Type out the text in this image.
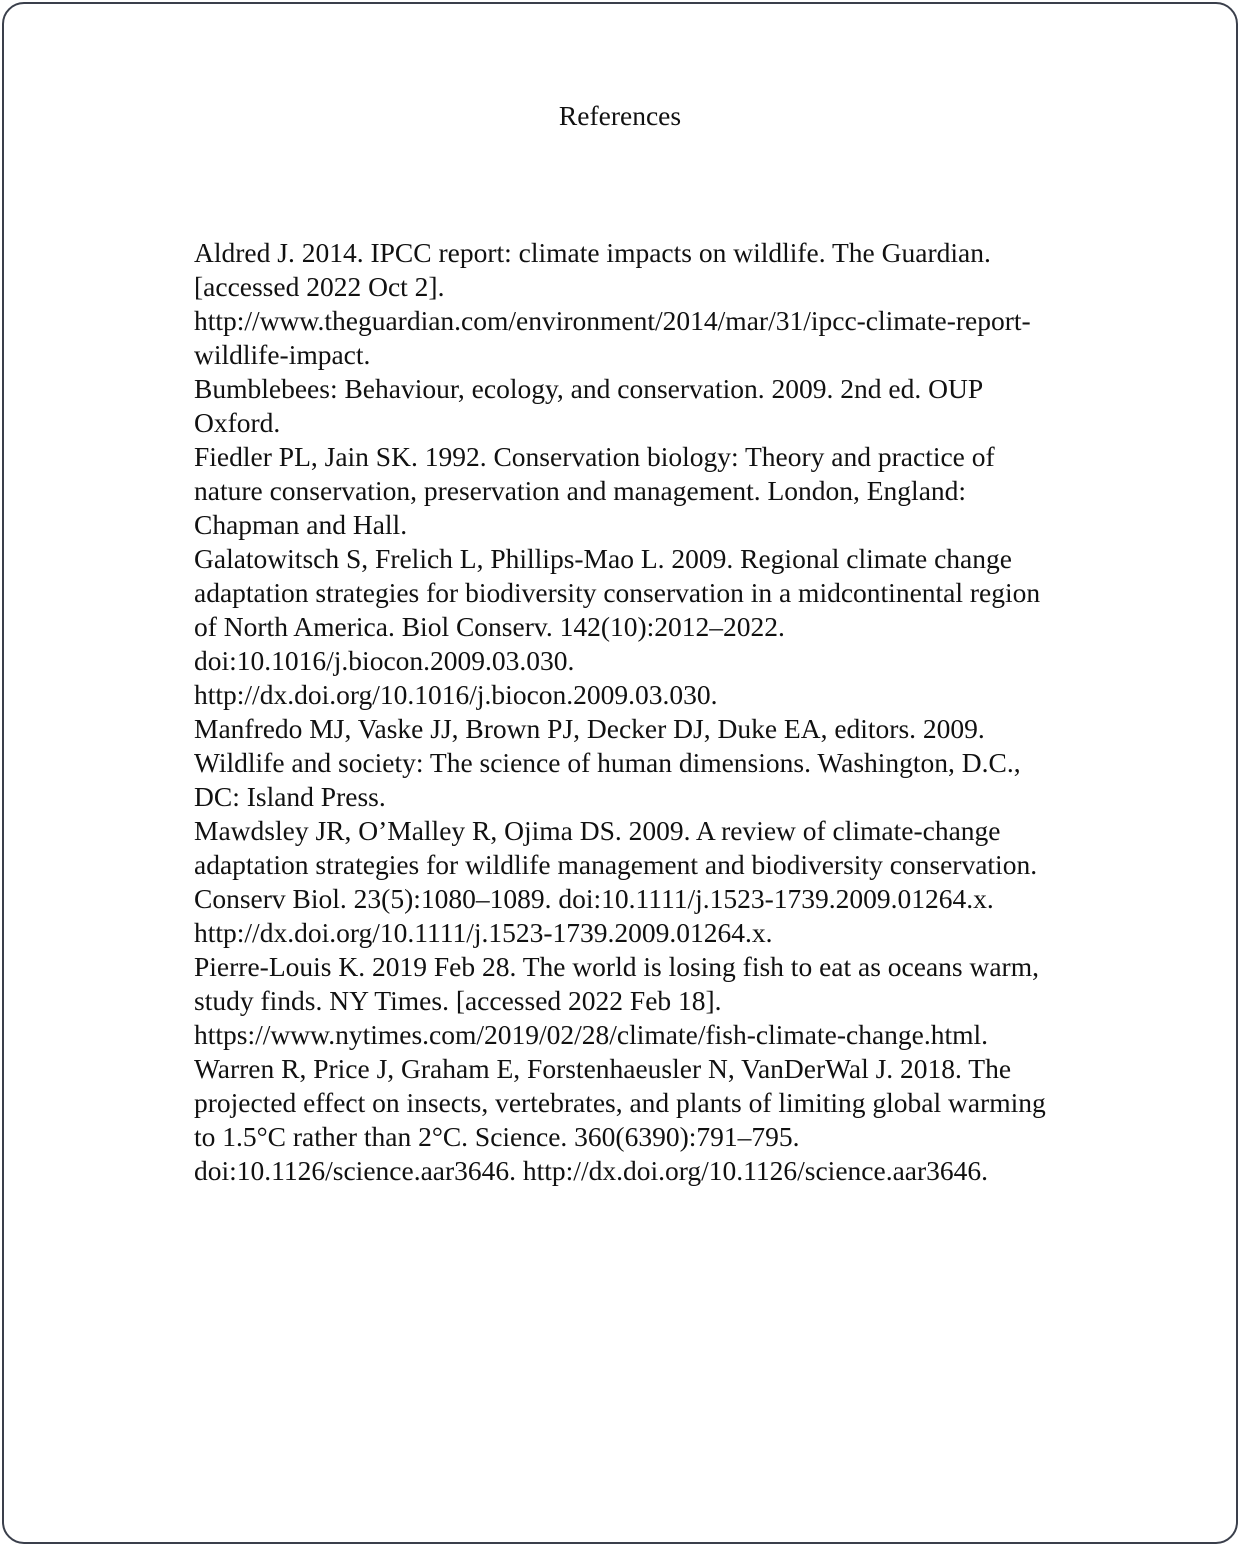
References
Aldred J. 2014. IPCC report: climate impacts on wildlife. The Guardian.
[accessed 2022 Oct 2].
http://www.theguardian.com/environment/2014/mar/31/ipcc-climate-report-
wildlife-impact.
Bumblebees: Behaviour, ecology, and conservation. 2009. 2nd ed. OUP
Oxford.
Fiedler PL, Jain SK. 1992. Conservation biology: Theory and practice of
nature conservation, preservation and management. London, England:
Chapman and Hall.
Galatowitsch S, Frelich L, Phillips-Mao L. 2009. Regional climate change
adaptation strategies for biodiversity conservation in a midcontinental region
of North America. Biol Conserv. 142(10):2012–2022.
doi:10.1016/j.biocon.2009.03.030.
http://dx.doi.org/10.1016/j.biocon.2009.03.030.
Manfredo MJ, Vaske JJ, Brown PJ, Decker DJ, Duke EA, editors. 2009.
Wildlife and society: The science of human dimensions. Washington, D.C.,
DC: Island Press.
Mawdsley JR, O’Malley R, Ojima DS. 2009. A review of climate-change
adaptation strategies for wildlife management and biodiversity conservation.
Conserv Biol. 23(5):1080–1089. doi:10.1111/j.1523-1739.2009.01264.x.
http://dx.doi.org/10.1111/j.1523-1739.2009.01264.x.
Pierre-Louis K. 2019 Feb 28. The world is losing fish to eat as oceans warm,
study finds. NY Times. [accessed 2022 Feb 18].
https://www.nytimes.com/2019/02/28/climate/fish-climate-change.html.
Warren R, Price J, Graham E, Forstenhaeusler N, VanDerWal J. 2018. The
projected effect on insects, vertebrates, and plants of limiting global warming
to 1.5°C rather than 2°C. Science. 360(6390):791–795.
doi:10.1126/science.aar3646. http://dx.doi.org/10.1126/science.aar3646.
